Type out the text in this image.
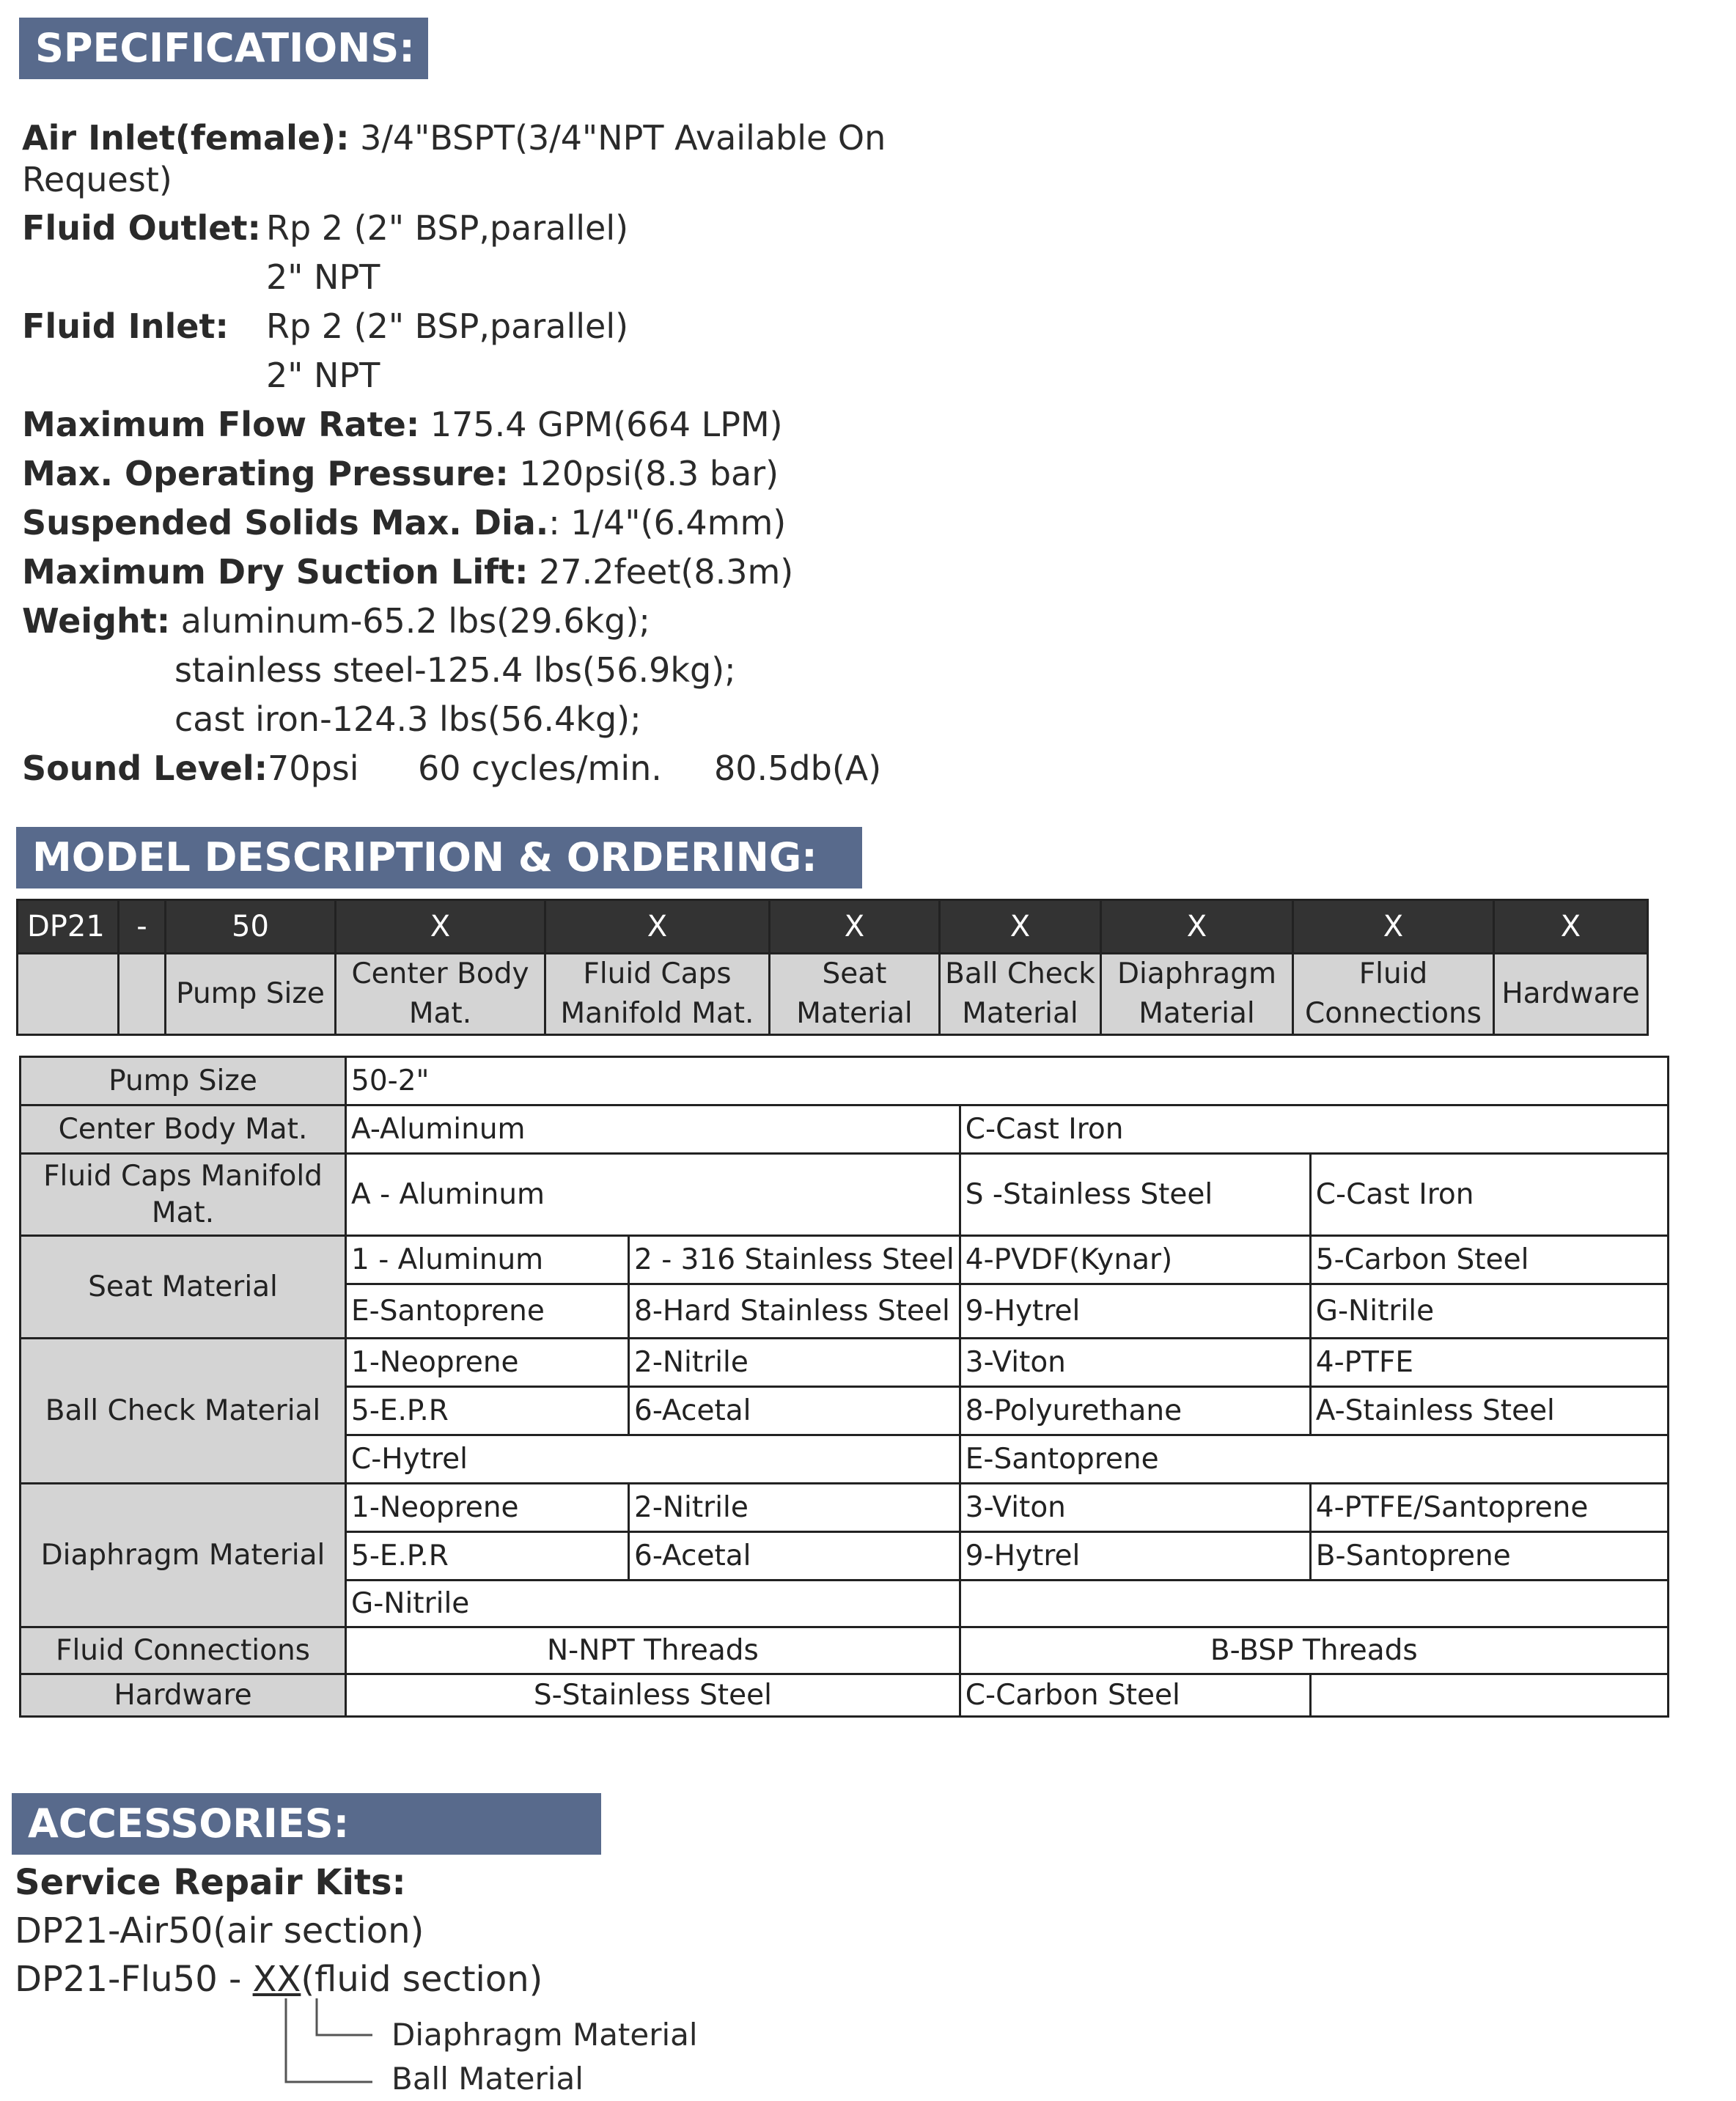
SPECIFICATIONS:
Air Inlet(female): 3/4"BSPT(3/4"NPT Available On
Request)
Fluid Outlet: Rp 2 (2" BSP,parallel)
2" NPT
Fluid Inlet: Rp 2 (2" BSP,parallel)
2" NPT
Maximum Flow Rate: 175.4 GPM(664 LPM)
Max. Operating Pressure: 120psi(8.3 bar)
Suspended Solids Max. Dia.: 1/4"(6.4mm)
Maximum Dry Suction Lift: 27.2feet(8.3m)
Weight: aluminum-65.2 lbs(29.6kg);
stainless steel-125.4 lbs(56.9kg);
cast iron-124.3 lbs(56.4kg);
Sound Level:70psi 60 cycles/min. 80.5db(A)
MODEL DESCRIPTION & ORDERING:
DP21	-	50	X	X	X	X	X	X	X
		Pump Size	Center Body Mat.	Fluid Caps Manifold Mat.	Seat Material	Ball Check Material	Diaphragm Material	Fluid Connections	Hardware
Pump Size	50-2"			
Center Body Mat.	A-Aluminum		C-Cast Iron	
Fluid Caps Manifold Mat.	A - Aluminum		S -Stainless Steel	C-Cast Iron
Seat Material	1 - Aluminum	2 - 316 Stainless Steel	4-PVDF(Kynar)	5-Carbon Steel
	E-Santoprene	8-Hard Stainless Steel	9-Hytrel	G-Nitrile
Ball Check Material	1-Neoprene	2-Nitrile	3-Viton	4-PTFE
	5-E.P.R	6-Acetal	8-Polyurethane	A-Stainless Steel
	C-Hytrel		E-Santoprene	
Diaphragm Material	1-Neoprene	2-Nitrile	3-Viton	4-PTFE/Santoprene
	5-E.P.R	6-Acetal	9-Hytrel	B-Santoprene
	G-Nitrile			
Fluid Connections	N-NPT Threads		B-BSP Threads	
Hardware	S-Stainless Steel		C-Carbon Steel	
ACCESSORIES:
Service Repair Kits:
DP21-Air50(air section)
DP21-Flu50 - XX(fluid section)
Diaphragm Material
Ball Material
